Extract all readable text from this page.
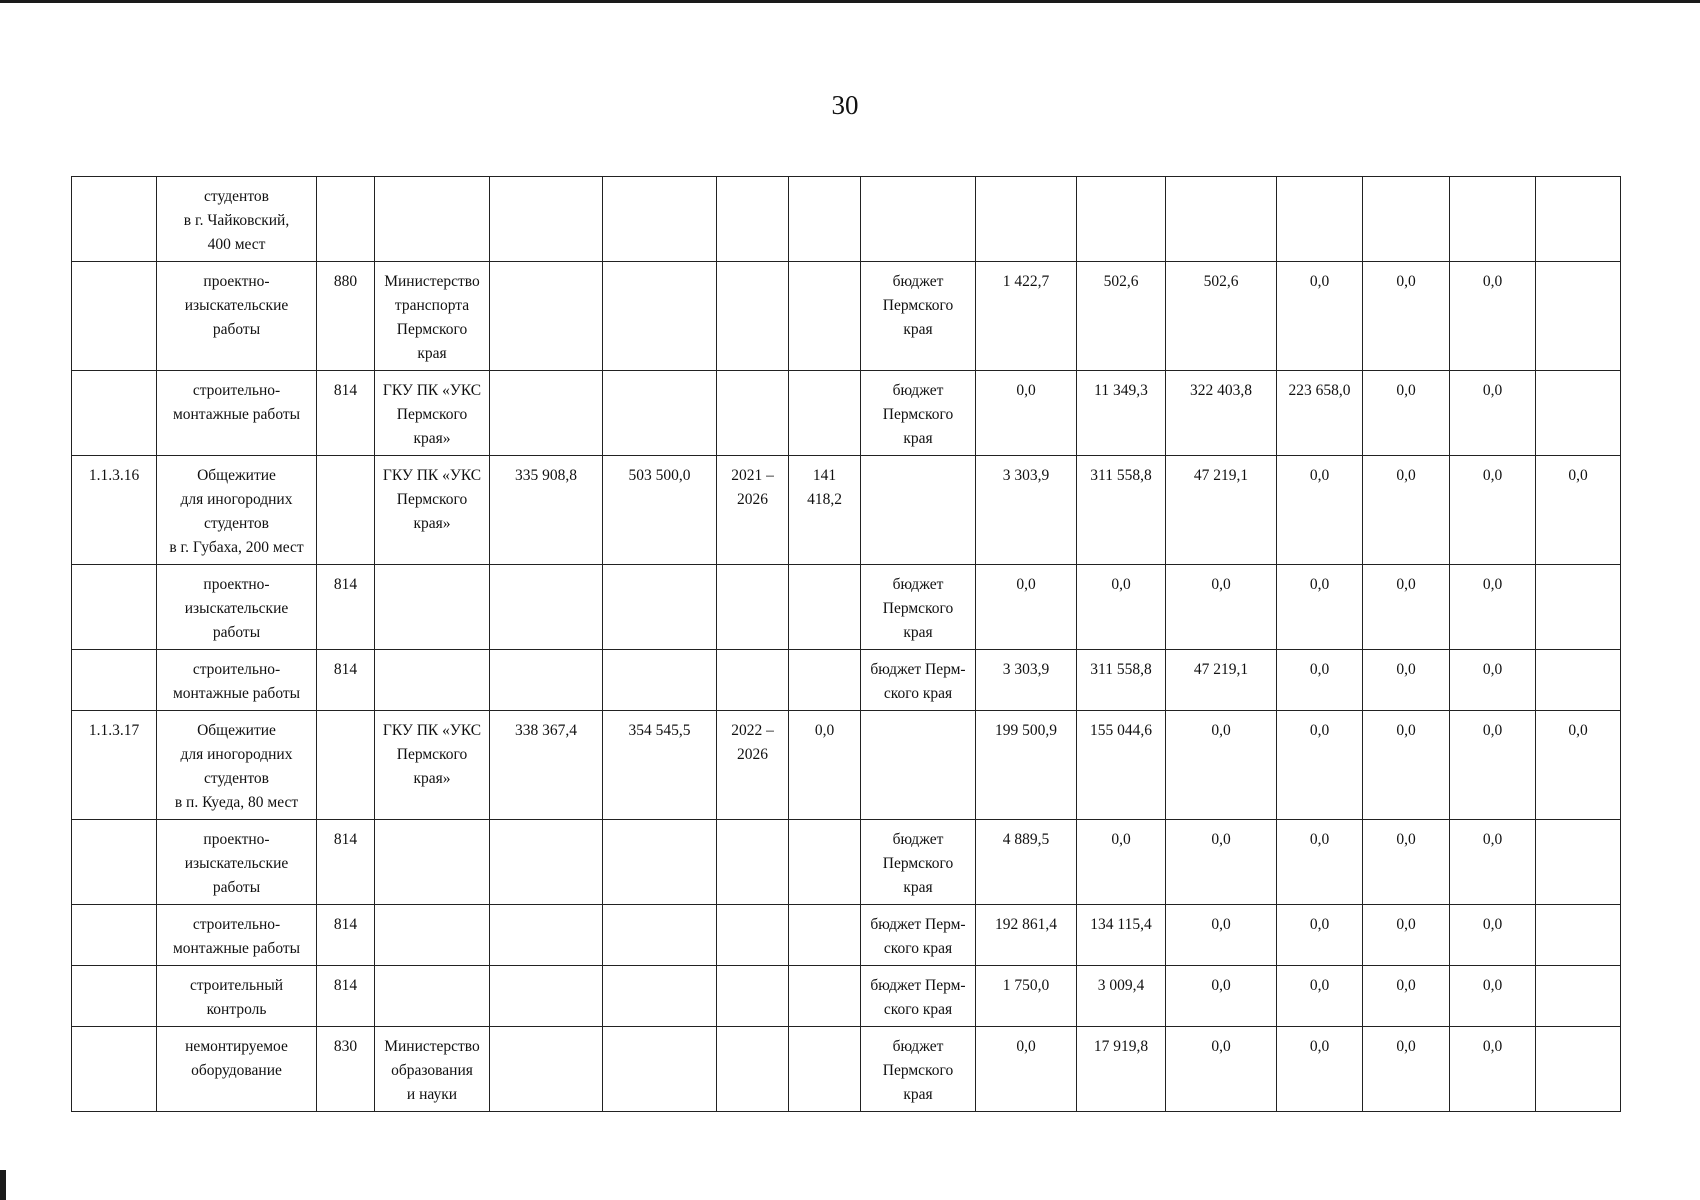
30
	студентов
в г. Чайковский,
400 мест														
	проектно-
изыскательские
работы	880	Министерство
транспорта
Пермского
края					бюджет
Пермского
края	1 422,7	502,6	502,6	0,0	0,0	0,0	
	строительно-
монтажные работы	814	ГКУ ПК «УКС
Пермского
края»					бюджет
Пермского
края	0,0	11 349,3	322 403,8	223 658,0	0,0	0,0	
1.1.3.16	Общежитие
для иногородних
студентов
в г. Губаха, 200 мест		ГКУ ПК «УКС
Пермского
края»	335 908,8	503 500,0	2021 –
2026	141
418,2		3 303,9	311 558,8	47 219,1	0,0	0,0	0,0	0,0
	проектно-
изыскательские
работы	814						бюджет
Пермского
края	0,0	0,0	0,0	0,0	0,0	0,0	
	строительно-
монтажные работы	814						бюджет Перм-
ского края	3 303,9	311 558,8	47 219,1	0,0	0,0	0,0	
1.1.3.17	Общежитие
для иногородних
студентов
в п. Куеда, 80 мест		ГКУ ПК «УКС
Пермского
края»	338 367,4	354 545,5	2022 –
2026	0,0		199 500,9	155 044,6	0,0	0,0	0,0	0,0	0,0
	проектно-
изыскательские
работы	814						бюджет
Пермского
края	4 889,5	0,0	0,0	0,0	0,0	0,0	
	строительно-
монтажные работы	814						бюджет Перм-
ского края	192 861,4	134 115,4	0,0	0,0	0,0	0,0	
	строительный
контроль	814						бюджет Перм-
ского края	1 750,0	3 009,4	0,0	0,0	0,0	0,0	
	немонтируемое
оборудование	830	Министерство
образования
и науки					бюджет
Пермского
края	0,0	17 919,8	0,0	0,0	0,0	0,0	
